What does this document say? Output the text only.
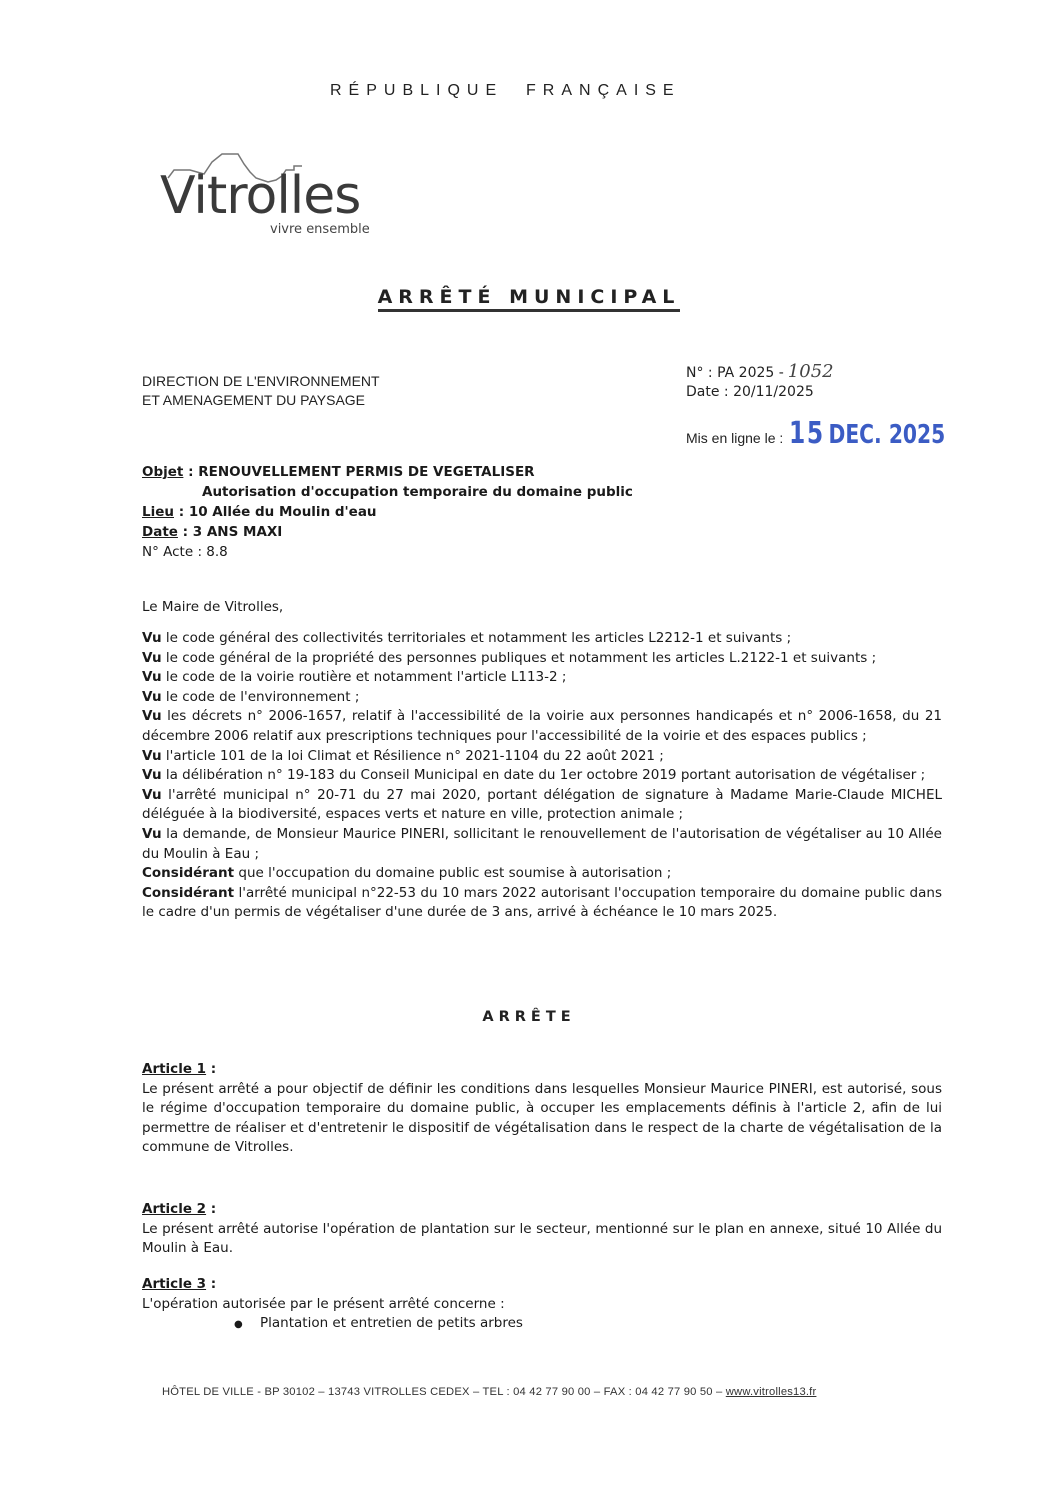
RÉPUBLIQUE  FRANÇAISE
Vitrolles
vivre ensemble
ARRÊTÉ MUNICIPAL
DIRECTION DE L'ENVIRONNEMENT
ET AMENAGEMENT DU PAYSAGE
N° : PA 2025 - 1052
Date : 20/11/2025
Mis en ligne le : 15 DEC. 2025
Objet : RENOUVELLEMENT PERMIS DE VEGETALISER
Autorisation d'occupation temporaire du domaine public
Lieu : 10 Allée du Moulin d'eau
Date : 3 ANS MAXI
N° Acte : 8.8
Le Maire de Vitrolles,

Vu le code général des collectivités territoriales et notamment les articles L2212-1 et suivants ;

Vu le code général de la propriété des personnes publiques et notamment les articles L.2122-1 et suivants ;

Vu le code de la voirie routière et notamment l'article L113-2 ;

Vu le code de l'environnement ;

Vu les décrets n° 2006-1657, relatif à l'accessibilité de la voirie aux personnes handicapés et n° 2006-1658, du 21 décembre 2006 relatif aux prescriptions techniques pour l'accessibilité de la voirie et des espaces publics ;

Vu l'article 101 de la loi Climat et Résilience n° 2021-1104 du 22 août 2021 ;

Vu la délibération n° 19-183 du Conseil Municipal en date du 1er octobre 2019 portant autorisation de végétaliser ;

Vu l'arrêté municipal n° 20-71 du 27 mai 2020, portant délégation de signature à Madame Marie-Claude MICHEL déléguée à la biodiversité, espaces verts et nature en ville, protection animale ;

Vu la demande, de Monsieur Maurice PINERI, sollicitant le renouvellement de l'autorisation de végétaliser au 10 Allée du Moulin à Eau ;

Considérant que l'occupation du domaine public est soumise à autorisation ;

Considérant l'arrêté municipal n°22-53 du 10 mars 2022 autorisant l'occupation temporaire du domaine public dans le cadre d'un permis de végétaliser d'une durée de 3 ans, arrivé à échéance le 10 mars 2025.

ARRÊTE
Article 1 :

Le présent arrêté a pour objectif de définir les conditions dans lesquelles Monsieur Maurice PINERI, est autorisé, sous le régime d'occupation temporaire du domaine public, à occuper les emplacements définis à l'article 2, afin de lui permettre de réaliser et d'entretenir le dispositif de végétalisation dans le respect de la charte de végétalisation de la commune de Vitrolles.

Article 2 :

Le présent arrêté autorise l'opération de plantation sur le secteur, mentionné sur le plan en annexe, situé 10 Allée du Moulin à Eau.

Article 3 :

L'opération autorisée par le présent arrêté concerne :

●	Plantation et entretien de petits arbres
HÔTEL DE VILLE - BP 30102 – 13743 VITROLLES CEDEX – TEL : 04 42 77 90 00 – FAX : 04 42 77 90 50 – www.vitrolles13.fr
